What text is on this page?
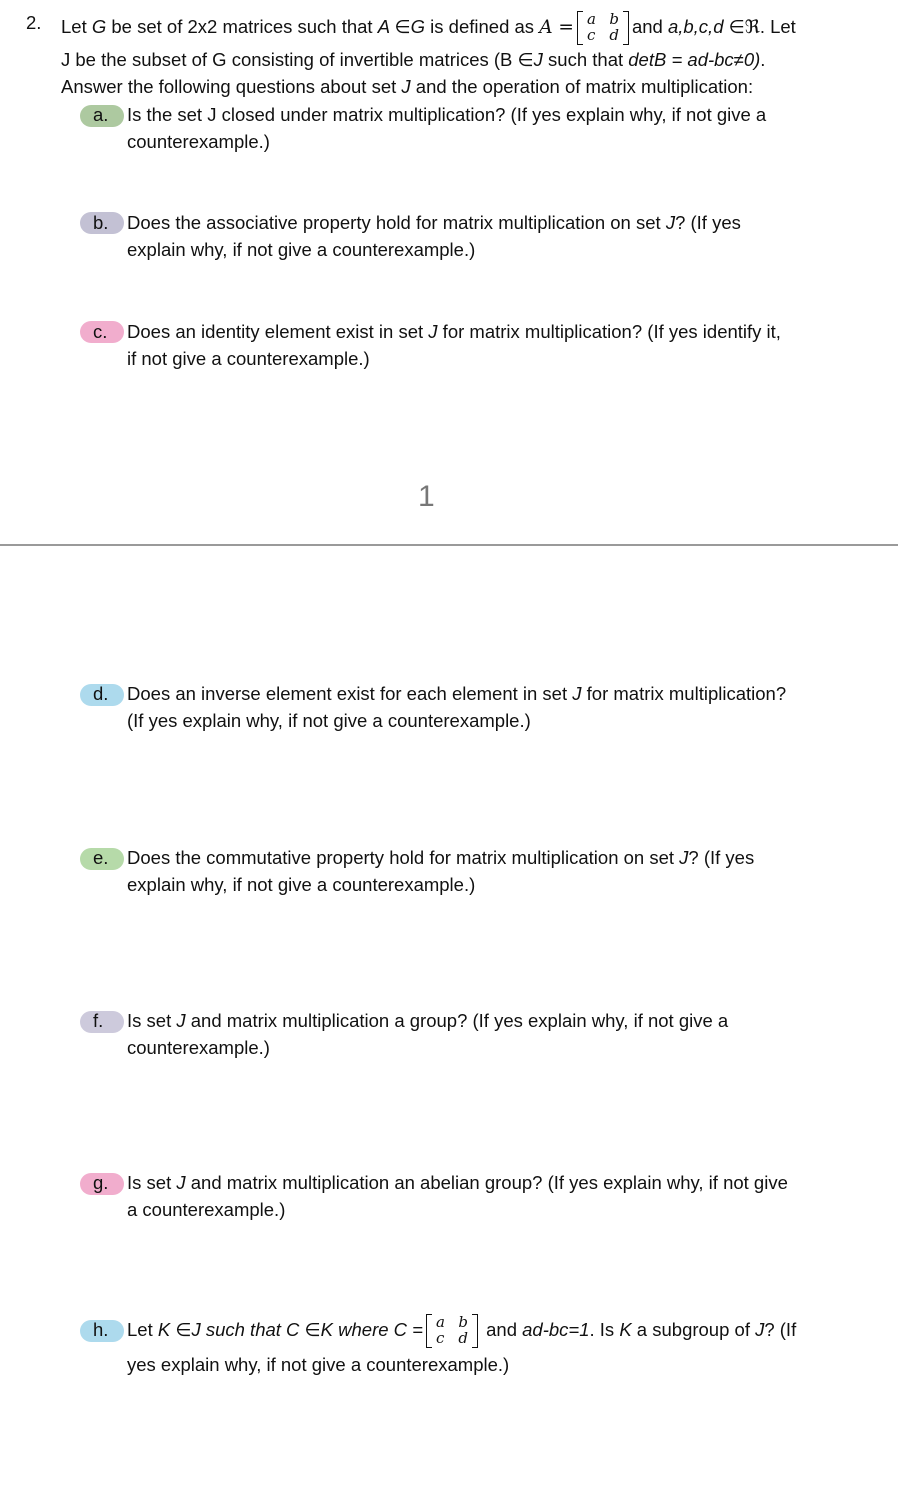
2. Let G be set of 2x2 matrices such that A ∈G is defined as A = a b
c d and a,b,c,d ∈ℜ. Let
J be the subset of G consisting of invertible matrices (B ∈J such that detB = ad-bc≠0).
Answer the following questions about set J and the operation of matrix multiplication:
a. Is the set J closed under matrix multiplication? (If yes explain why, if not give a
counterexample.)
b. Does the associative property hold for matrix multiplication on set J? (If yes
explain why, if not give a counterexample.)
c. Does an identity element exist in set J for matrix multiplication? (If yes identify it,
if not give a counterexample.)
1
d. Does an inverse element exist for each element in set J for matrix multiplication?
(If yes explain why, if not give a counterexample.)
e. Does the commutative property hold for matrix multiplication on set J? (If yes
explain why, if not give a counterexample.)
f. Is set J and matrix multiplication a group? (If yes explain why, if not give a
counterexample.)
g. Is set J and matrix multiplication an abelian group? (If yes explain why, if not give
a counterexample.)
h. Let K ∈J such that C ∈K where C = a b
c d and ad-bc=1. Is K a subgroup of J? (If
yes explain why, if not give a counterexample.)
